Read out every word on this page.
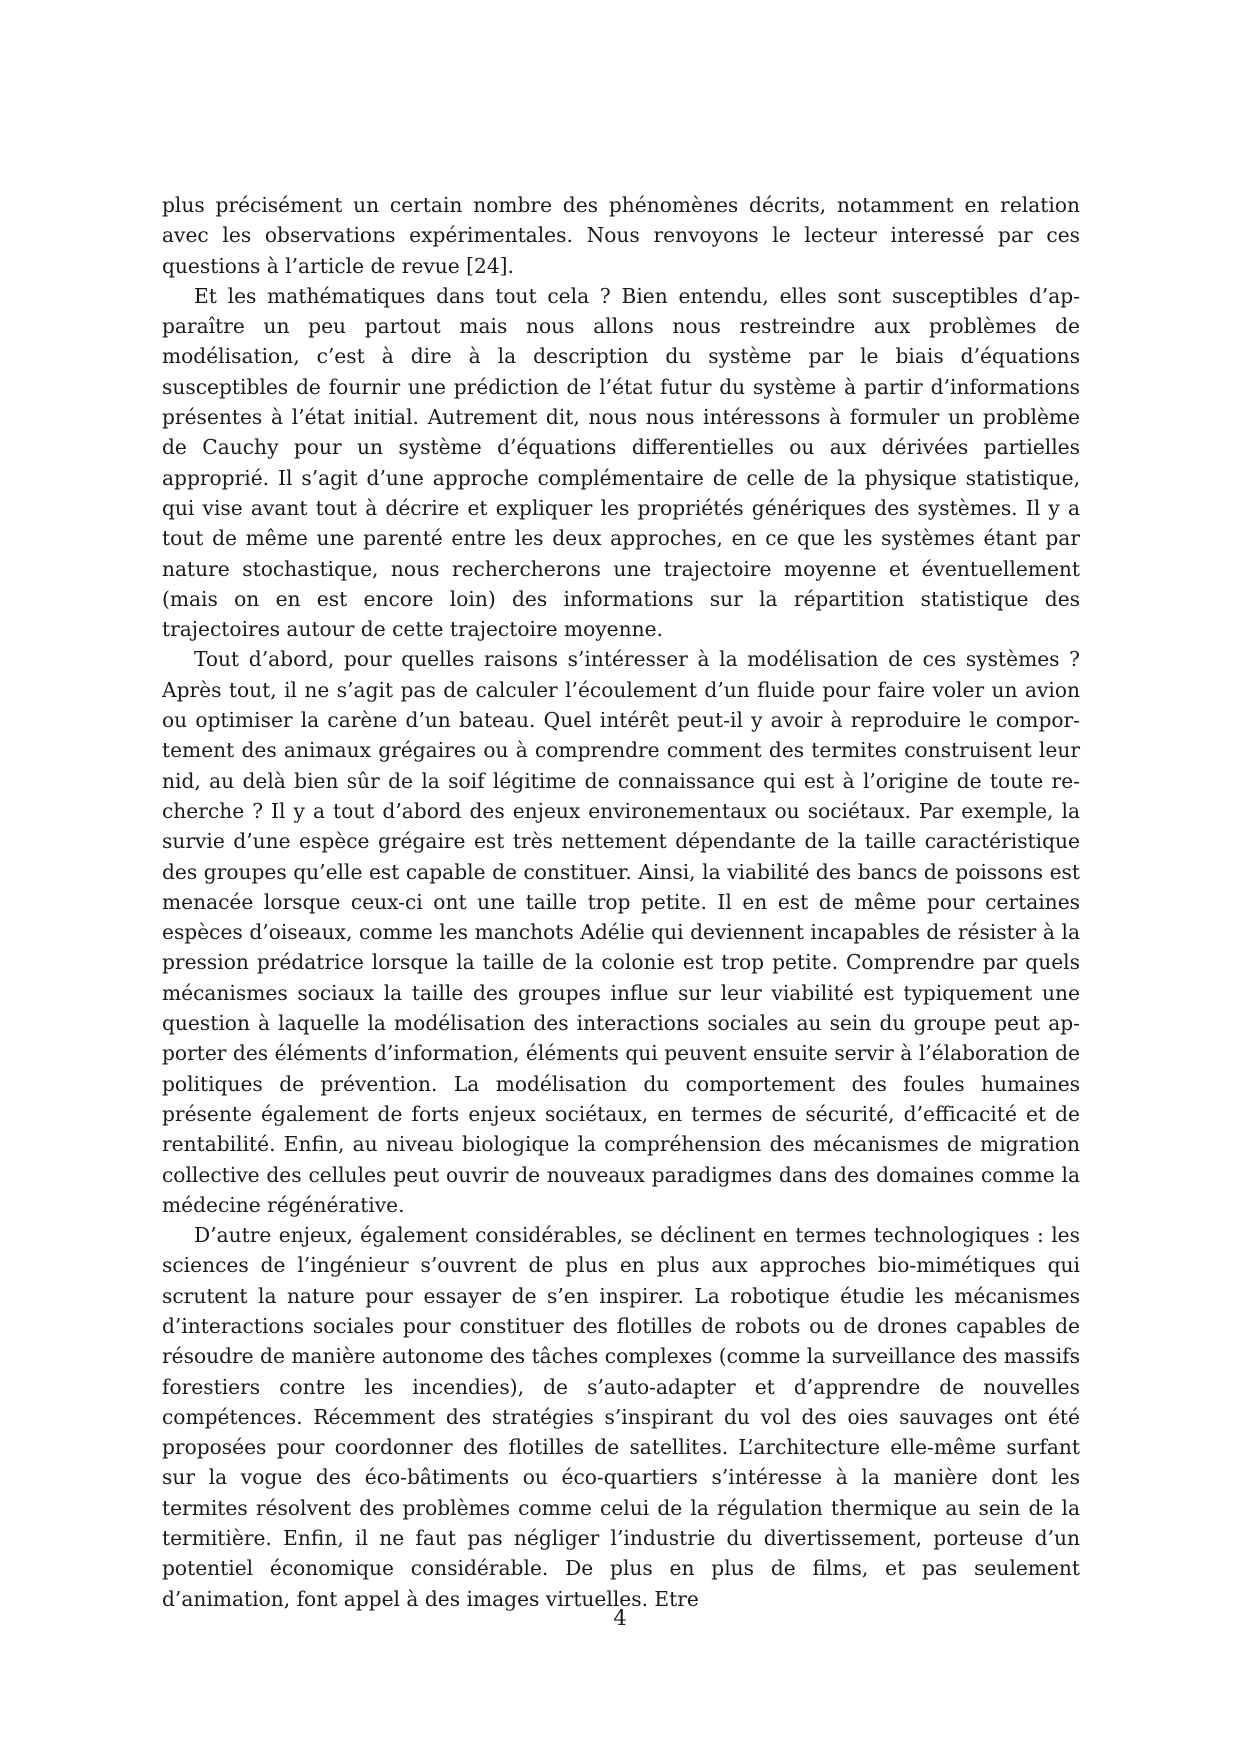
plus précisément un certain nombre des phénomènes décrits, notamment en relation avec les observations expérimentales. Nous renvoyons le lecteur interessé par ces questions à l’article de revue [24].

Et les mathématiques dans tout cela ? Bien entendu, elles sont susceptibles d’apparaître un peu partout mais nous allons nous restreindre aux problèmes de modélisation, c’est à dire à la description du système par le biais d’équations susceptibles de fournir une prédiction de l’état futur du système à partir d’informations présentes à l’état initial. Autrement dit, nous nous intéressons à formuler un problème de Cauchy pour un système d’équations differentielles ou aux dérivées partielles approprié. Il s’agit d’une approche complémentaire de celle de la physique statistique, qui vise avant tout à décrire et expliquer les propriétés génériques des systèmes. Il y a tout de même une parenté entre les deux approches, en ce que les systèmes étant par nature stochastique, nous rechercherons une trajectoire moyenne et éventuellement (mais on en est encore loin) des informations sur la répartition statistique des trajectoires autour de cette trajectoire moyenne.

Tout d’abord, pour quelles raisons s’intéresser à la modélisation de ces systèmes ? Après tout, il ne s’agit pas de calculer l’écoulement d’un fluide pour faire voler un avion ou optimiser la carène d’un bateau. Quel intérêt peut-il y avoir à reproduire le comportement des animaux grégaires ou à comprendre comment des termites construisent leur nid, au delà bien sûr de la soif légitime de connaissance qui est à l’origine de toute recherche ? Il y a tout d’abord des enjeux environementaux ou sociétaux. Par exemple, la survie d’une espèce grégaire est très nettement dépendante de la taille caractéristique des groupes qu’elle est capable de constituer. Ainsi, la viabilité des bancs de poissons est menacée lorsque ceux-ci ont une taille trop petite. Il en est de même pour certaines espèces d’oiseaux, comme les manchots Adélie qui deviennent incapables de résister à la pression prédatrice lorsque la taille de la colonie est trop petite. Comprendre par quels mécanismes sociaux la taille des groupes influe sur leur viabilité est typiquement une question à laquelle la modélisation des interactions sociales au sein du groupe peut apporter des éléments d’information, éléments qui peuvent ensuite servir à l’élaboration de politiques de prévention. La modélisation du comportement des foules humaines présente également de forts enjeux sociétaux, en termes de sécurité, d’efficacité et de rentabilité. Enfin, au niveau biologique la compréhension des mécanismes de migration collective des cellules peut ouvrir de nouveaux paradigmes dans des domaines comme la médecine régénérative.

D’autre enjeux, également considérables, se déclinent en termes technologiques : les sciences de l’ingénieur s’ouvrent de plus en plus aux approches bio-mimétiques qui scrutent la nature pour essayer de s’en inspirer. La robotique étudie les mécanismes d’interactions sociales pour constituer des flotilles de robots ou de drones capables de résoudre de manière autonome des tâches complexes (comme la surveillance des massifs forestiers contre les incendies), de s’auto-adapter et d’apprendre de nouvelles compétences. Récemment des stratégies s’inspirant du vol des oies sauvages ont été proposées pour coordonner des flotilles de satellites. L’architecture elle-même surfant sur la vogue des éco-bâtiments ou éco-quartiers s’intéresse à la manière dont les termites résolvent des problèmes comme celui de la régulation thermique au sein de la termitière. Enfin, il ne faut pas négliger l’industrie du divertissement, porteuse d’un potentiel économique considérable. De plus en plus de films, et pas seulement d’animation, font appel à des images virtuelles. Etre

4
